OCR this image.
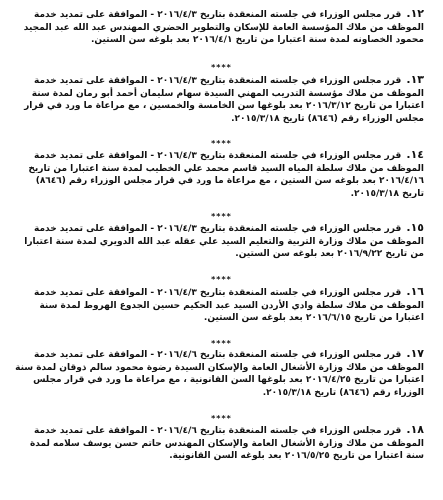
١٢. قرر مجلس الوزراء في جلسته المنعقدة بتاريخ ٢٠١٦/٤/٣ - الموافقة على تمديد خدمة الموظف من ملاك المؤسسة العامة للإسكان والتطوير الحضري المهندس عبد الله عبد المجيد محمود الخصاونه لمدة سنة اعتبارا من تاريخ ٢٠١٦/٤/١ بعد بلوغه سن الستين.
****
١٣. قرر مجلس الوزراء في جلسته المنعقدة بتاريخ ٢٠١٦/٤/٣ - الموافقة على تمديد خدمة الموظف من ملاك مؤسسة التدريب المهني السيدة سهام سليمان أحمد أبو رمان لمدة سنة اعتبارا من تاريخ ٢٠١٦/٣/١٢ بعد بلوغها سن الخامسة والخمسين ، مع مراعاة ما ورد في قرار مجلس الوزراء رقم (٨٦٤٦) تاريخ ٢٠١٥/٣/١٨.
****
١٤. قرر مجلس الوزراء في جلسته المنعقدة بتاريخ ٢٠١٦/٤/٣ - الموافقة على تمديد خدمة الموظف من ملاك سلطة المياه السيد قاسم محمد علي الخطيب لمدة سنة اعتبارا من تاريخ ٢٠١٦/٤/١٦ بعد بلوغه سن الستين ، مع مراعاة ما ورد في قرار مجلس الوزراء رقم (٨٦٤٦) تاريخ ٢٠١٥/٣/١٨.
****
١٥. قرر مجلس الوزراء في جلسته المنعقدة بتاريخ ٢٠١٦/٤/٣ - الموافقة على تمديد خدمة الموظف من ملاك وزارة التربية والتعليم السيد علي عقله عبد الله الدويري لمدة سنة اعتبارا من تاريخ ٢٠١٦/٩/٢٢ بعد بلوغه سن الستين.
****
١٦. قرر مجلس الوزراء في جلسته المنعقدة بتاريخ ٢٠١٦/٤/٣ - الموافقة على تمديد خدمة الموظف من ملاك سلطة وادي الأردن السيد عبد الحكيم حسين الجدوع الهروط لمدة سنة اعتبارا من تاريخ ٢٠١٦/٦/١٥ بعد بلوغه سن الستين.
****
١٧. قرر مجلس الوزراء في جلسته المنعقدة بتاريخ ٢٠١٦/٤/٦ - الموافقة على تمديد خدمة الموظف من ملاك وزارة الأشغال العامة والإسكان السيدة رضوة محمود سالم ذوقان لمدة سنة اعتبارا من تاريخ ٢٠١٦/٤/٢٥ بعد بلوغها السن القانونية ، مع مراعاة ما ورد في قرار مجلس الوزراء رقم (٨٦٤٦) تاريخ ٢٠١٥/٣/١٨.
****
١٨. قرر مجلس الوزراء في جلسته المنعقدة بتاريخ ٢٠١٦/٤/٦ - الموافقة على تمديد خدمة الموظف من ملاك وزارة الأشغال العامة والإسكان المهندس حاتم حسن يوسف سلامه لمدة سنة اعتبارا من تاريخ ٢٠١٦/٥/٢٥ بعد بلوغه السن القانونية.
